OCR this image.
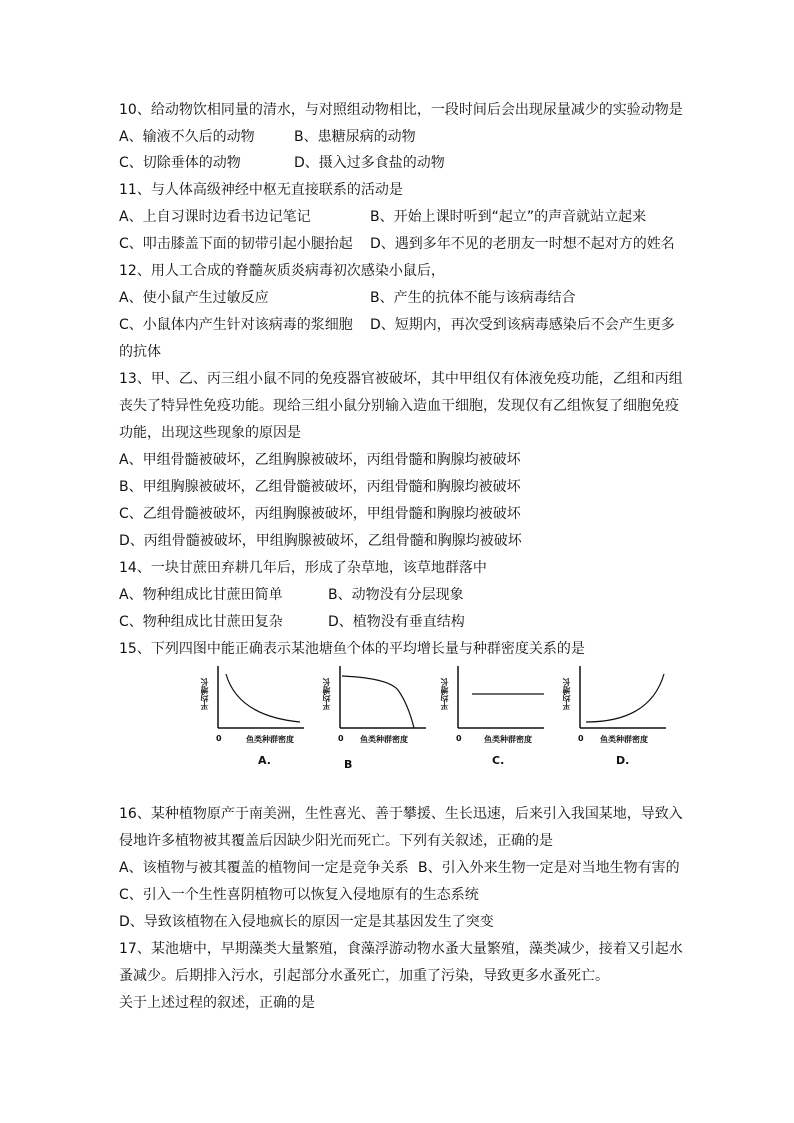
10、给动物饮相同量的清水，与对照组动物相比，一段时间后会出现尿量减少的实验动物是
A、输液不久后的动物	B、患糖尿病的动物
C、切除垂体的动物	D、摄入过多食盐的动物
11、与人体高级神经中枢无直接联系的活动是
A、上自习课时边看书边记笔记	B、开始上课时听到“起立”的声音就站立起来
C、叩击膝盖下面的韧带引起小腿抬起 D、遇到多年不见的老朋友一时想不起对方的姓名
12、用人工合成的脊髓灰质炎病毒初次感染小鼠后，
A、使小鼠产生过敏反应	B、产生的抗体不能与该病毒结合
C、小鼠体内产生针对该病毒的浆细胞 D、短期内，再次受到该病毒感染后不会产生更多
的抗体
13、甲、乙、丙三组小鼠不同的免疫器官被破坏，其中甲组仅有体液免疫功能，乙组和丙组
丧失了特异性免疫功能。现给三组小鼠分别输入造血干细胞，发现仅有乙组恢复了细胞免疫
功能，出现这些现象的原因是
A、甲组骨髓被破坏，乙组胸腺被破坏，丙组骨髓和胸腺均被破坏
B、甲组胸腺被破坏，乙组骨髓被破坏，丙组骨髓和胸腺均被破坏
C、乙组骨髓被破坏，丙组胸腺被破坏，甲组骨髓和胸腺均被破坏
D、丙组骨髓被破坏，甲组胸腺被破坏，乙组骨髓和胸腺均被破坏
14、一块甘蔗田弃耕几年后，形成了杂草地，该草地群落中
A、物种组成比甘蔗田简单	B、动物没有分层现象
C、物种组成比甘蔗田复杂	D、植物没有垂直结构
15、下列四图中能正确表示某池塘鱼个体的平均增长量与种群密度关系的是
平均增长
0	鱼类种群密度
A.
平均增长
0 鱼类种群密度
B
平均增长
0	鱼类种群密度
C.
平均增长
0 鱼类种群密度
D.
16、某种植物原产于南美洲，生性喜光、善于攀援、生长迅速，后来引入我国某地，导致入
侵地许多植物被其覆盖后因缺少阳光而死亡。下列有关叙述，正确的是
A、该植物与被其覆盖的植物间一定是竞争关系 B、引入外来生物一定是对当地生物有害的
C、引入一个生性喜阴植物可以恢复入侵地原有的生态系统
D、导致该植物在入侵地疯长的原因一定是其基因发生了突变
17、某池塘中，早期藻类大量繁殖，食藻浮游动物水蚤大量繁殖，藻类减少，接着又引起水
蚤减少。后期排入污水，引起部分水蚤死亡，加重了污染，导致更多水蚤死亡。
关于上述过程的叙述，正确的是
